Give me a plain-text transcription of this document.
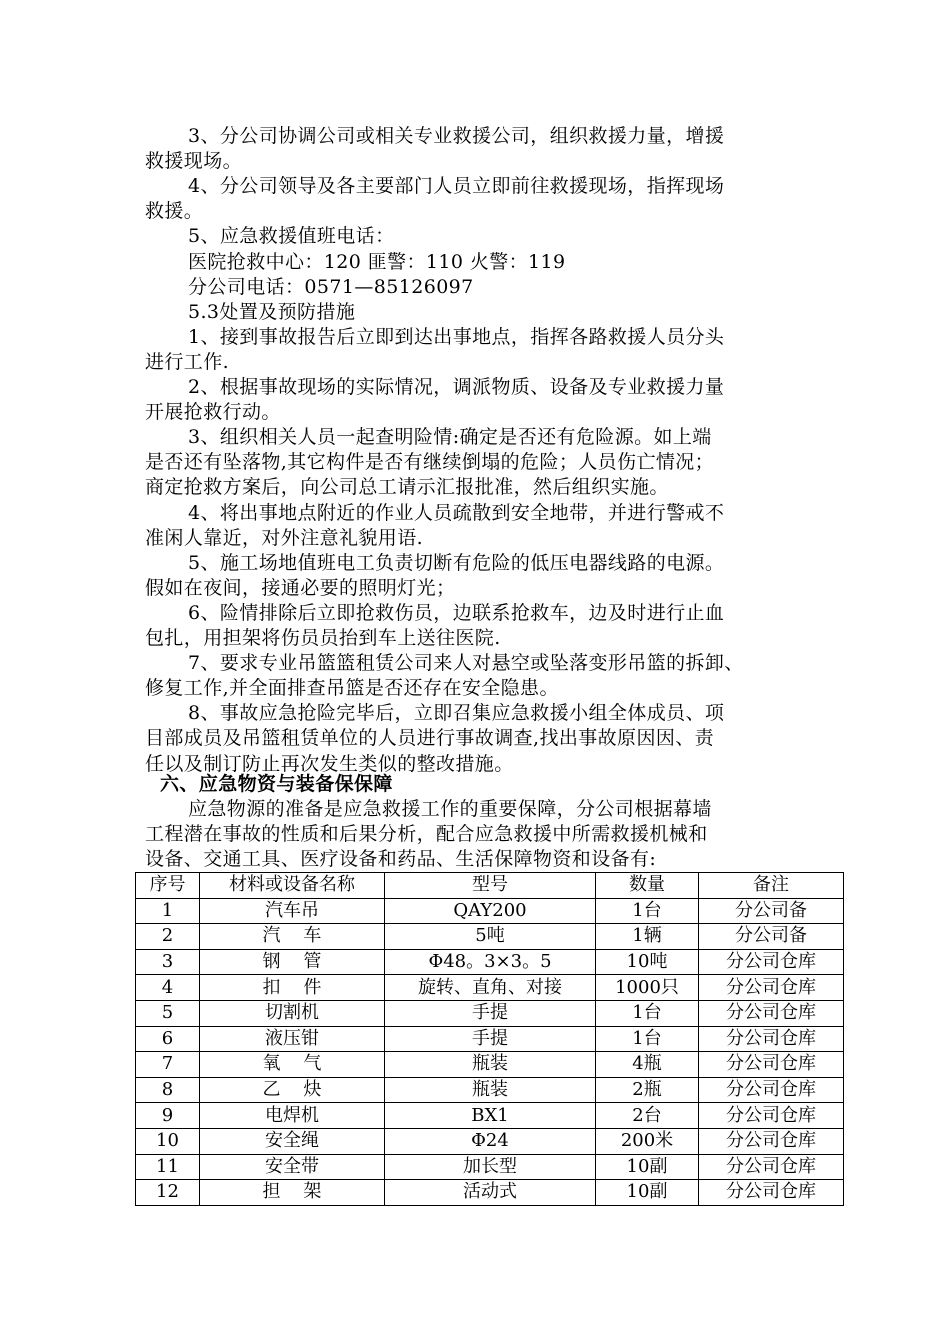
3、分公司协调公司或相关专业救援公司，组织救援力量，增援
救援现场。
4、分公司领导及各主要部门人员立即前往救援现场，指挥现场
救援。
5、应急救援值班电话：
医院抢救中心：120 匪警：110 火警：119
分公司电话：0571—85126097
5.3处置及预防措施
1、接到事故报告后立即到达出事地点，指挥各路救援人员分头
进行工作.
2、根据事故现场的实际情况，调派物质、设备及专业救援力量
开展抢救行动。
3、组织相关人员一起查明险情:确定是否还有危险源。如上端
是否还有坠落物,其它构件是否有继续倒塌的危险；人员伤亡情况；
商定抢救方案后，向公司总工请示汇报批准，然后组织实施。
4、将出事地点附近的作业人员疏散到安全地带，并进行警戒不
准闲人靠近，对外注意礼貌用语.
5、施工场地值班电工负责切断有危险的低压电器线路的电源。
假如在夜间，接通必要的照明灯光；
6、险情排除后立即抢救伤员，边联系抢救车，边及时进行止血
包扎，用担架将伤员员抬到车上送往医院.
7、要求专业吊篮篮租赁公司来人对悬空或坠落变形吊篮的拆卸、
修复工作,并全面排查吊篮是否还存在安全隐患。
8、事故应急抢险完毕后，立即召集应急救援小组全体成员、项
目部成员及吊篮租赁单位的人员进行事故调查,找出事故原因因、责
任以及制订防止再次发生类似的整改措施。
六、应急物资与装备保保障
应急物源的准备是应急救援工作的重要保障，分公司根据幕墙
工程潜在事故的性质和后果分析，配合应急救援中所需救援机械和
设备、交通工具、医疗设备和药品、生活保障物资和设备有:
序号	材料或设备名称	型号	数量	备注
1	汽车吊	QAY200	1台	分公司备
2	汽    车	5吨	1辆	分公司备
3	钢    管	Φ48。3×3。5	10吨	分公司仓库
4	扣    件	旋转、直角、对接	1000只	分公司仓库
5	切割机	手提	1台	分公司仓库
6	液压钳	手提	1台	分公司仓库
7	氧    气	瓶装	4瓶	分公司仓库
8	乙    炔	瓶装	2瓶	分公司仓库
9	电焊机	BX1	2台	分公司仓库
10	安全绳	Φ24	200米	分公司仓库
11	安全带	加长型	10副	分公司仓库
12	担    架	活动式	10副	分公司仓库
